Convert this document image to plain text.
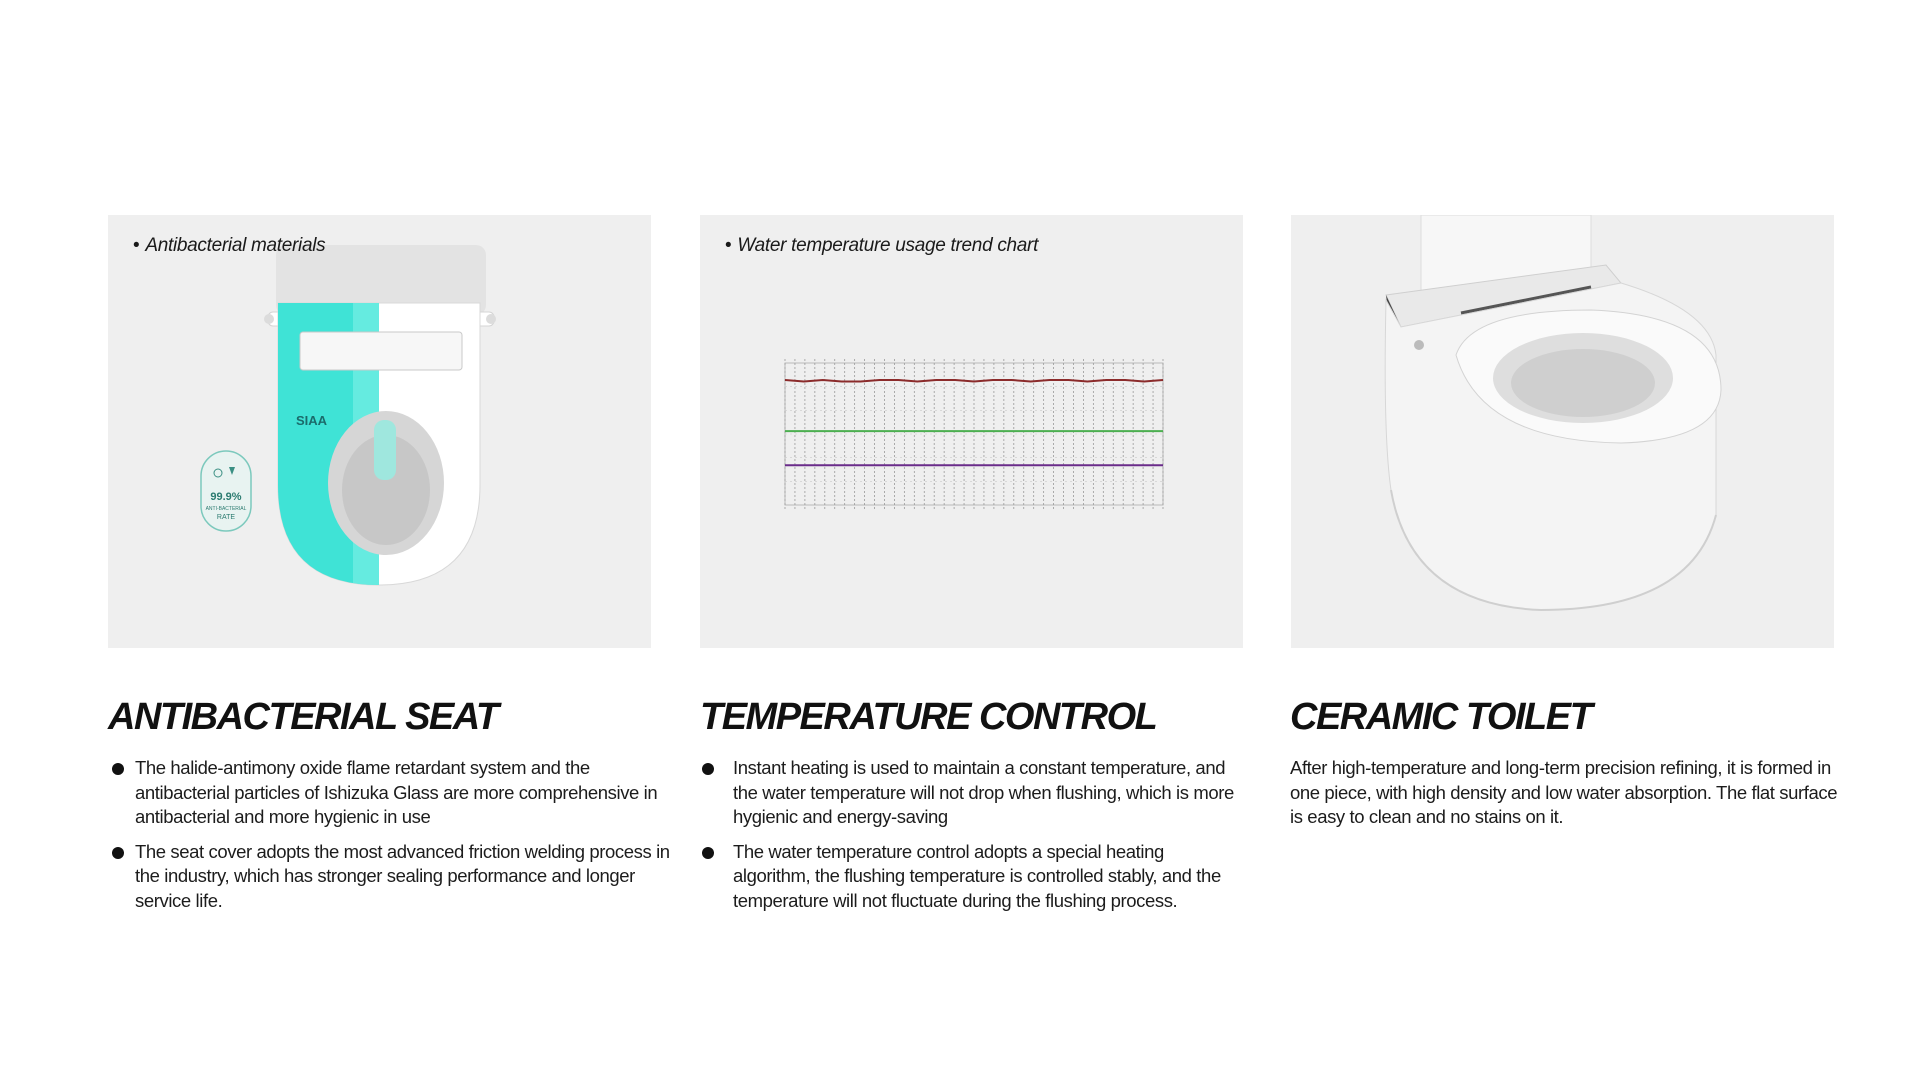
• Antibacterial materials
SIAA
99.9%
ANTI-BACTERIAL
RATE
• Water temperature usage trend chart
ANTIBACTERIAL SEAT
The halide-antimony oxide flame retardant system and the antibacterial particles of Ishizuka Glass are more comprehensive in antibacterial and more hygienic in use
The seat cover adopts the most advanced friction welding process in the industry, which has stronger sealing performance and longer service life.
TEMPERATURE CONTROL
Instant heating is used to maintain a constant temperature, and the water temperature will not drop when flushing, which is more hygienic and energy-saving
The water temperature control adopts a special heating algorithm, the flushing temperature is controlled stably, and the temperature will not fluctuate during the flushing process.
CERAMIC TOILET

After high-temperature and long-term precision refining, it is formed in one piece, with high density and low water absorption. The flat surface is easy to clean and no stains on it.
